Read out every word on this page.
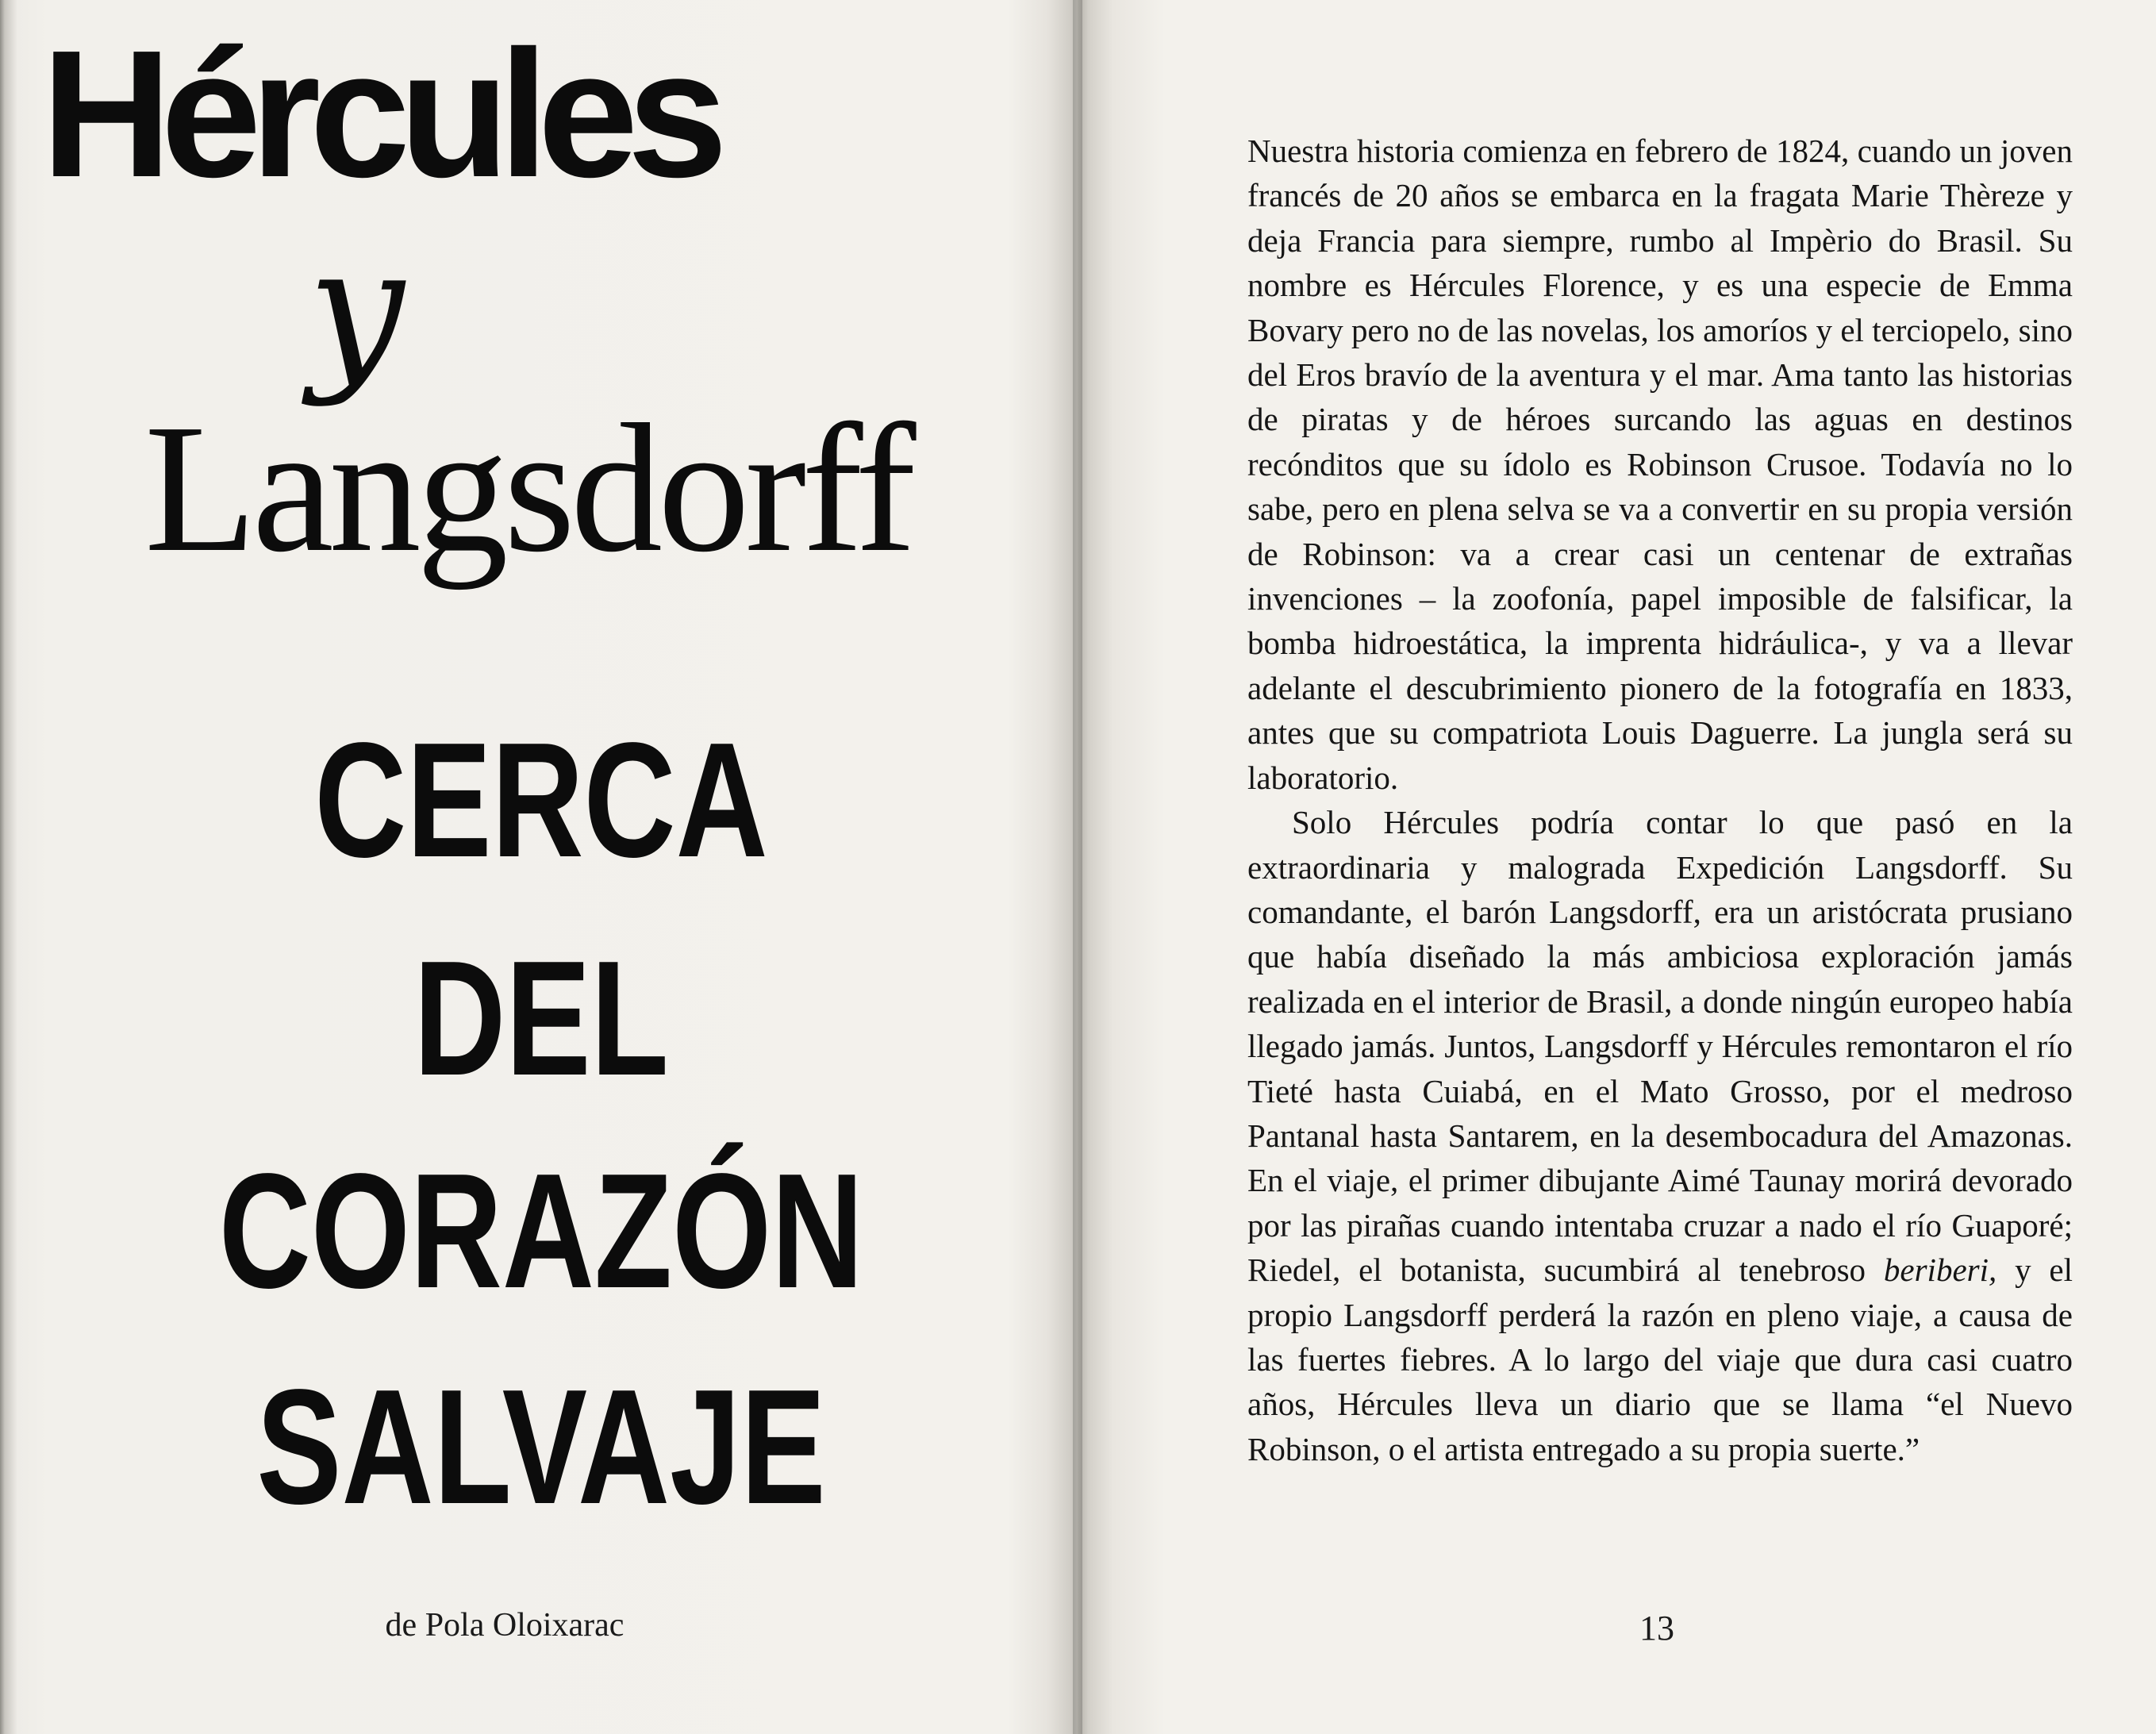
Hércules
y
Langsdorff
CERCA
DEL
CORAZÓN
SALVAJE
de Pola Oloixarac

Nuestra historia comienza en febrero de 1824, cuando un joven francés de 20 años se embarca en la fragata Marie Thèreze y deja Francia para siempre, rumbo al Impèrio do Brasil. Su nombre es Hércules Florence, y es una especie de Emma Bovary pero no de las novelas, los amoríos y el terciopelo, sino del Eros bravío de la aventura y el mar. Ama tanto las historias de piratas y de héroes surcando las aguas en destinos recónditos que su ídolo es Robinson Crusoe. Todavía no lo sabe, pero en plena selva se va a convertir en su propia versión de Robinson: va a crear casi un centenar de extrañas invenciones – la zoofonía, papel imposible de falsificar, la bomba hidroestática, la imprenta hidráulica-, y va a llevar adelante el descubrimiento pionero de la fotografía en 1833, antes que su compatriota Louis Daguerre. La jungla será su laboratorio.

Solo Hércules podría contar lo que pasó en la extraordinaria y malograda Expedición Langsdorff. Su comandante, el barón Langsdorff, era un aristócrata prusiano que había diseñado la más ambiciosa exploración jamás realizada en el interior de Brasil, a donde ningún europeo había llegado jamás. Juntos, Langsdorff y Hércules remontaron el río Tieté hasta Cuiabá, en el Mato Grosso, por el medroso Pantanal hasta Santarem, en la desembocadura del Amazonas. En el viaje, el primer dibujante Aimé Taunay morirá devorado por las pirañas cuando intentaba cruzar a nado el río Guaporé; Riedel, el botanista, sucumbirá al tenebroso beriberi, y el propio Langsdorff perderá la razón en pleno viaje, a causa de las fuertes fiebres. A lo largo del viaje que dura casi cuatro años, Hércules lleva un diario que se llama “el Nuevo Robinson, o el artista entregado a su propia suerte.”

13
